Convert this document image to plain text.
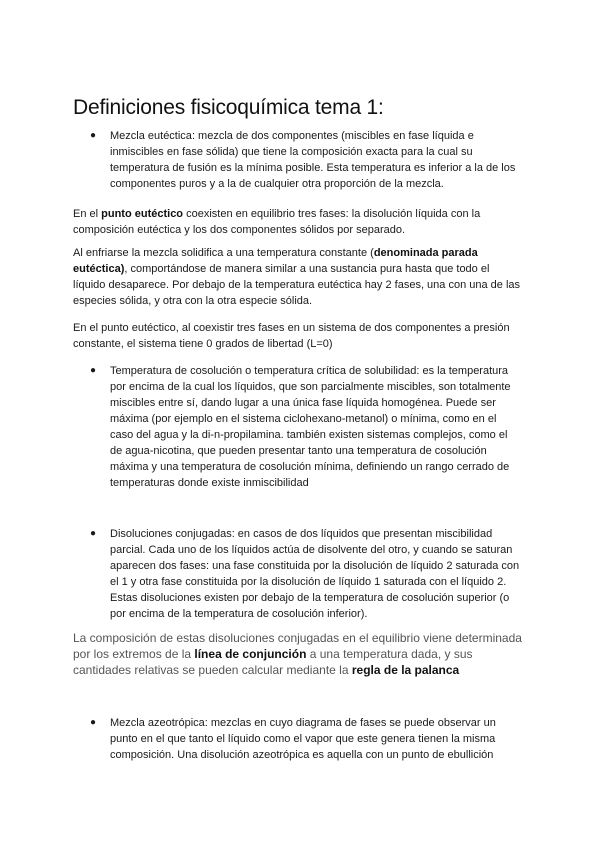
Definiciones fisicoquímica tema 1:
● Mezcla eutéctica: mezcla de dos componentes (miscibles en fase líquida e inmiscibles en fase sólida) que tiene la composición exacta para la cual su temperatura de fusión es la mínima posible. Esta temperatura es inferior a la de los componentes puros y a la de cualquier otra proporción de la mezcla.

En el punto eutéctico coexisten en equilibrio tres fases: la disolución líquida con la composición eutéctica y los dos componentes sólidos por separado.

Al enfriarse la mezcla solidifica a una temperatura constante (denominada parada eutéctica), comportándose de manera similar a una sustancia pura hasta que todo el líquido desaparece. Por debajo de la temperatura eutéctica hay 2 fases, una con una de las especies sólida, y otra con la otra especie sólida.

En el punto eutéctico, al coexistir tres fases en un sistema de dos componentes a presión constante, el sistema tiene 0 grados de libertad (L=0)

● Temperatura de cosolución o temperatura crítica de solubilidad: es la temperatura por encima de la cual los líquidos, que son parcialmente miscibles, son totalmente miscibles entre sí, dando lugar a una única fase líquida homogénea. Puede ser máxima (por ejemplo en el sistema ciclohexano-metanol) o mínima, como en el caso del agua y la di-n-propilamina. también existen sistemas complejos, como el de agua-nicotina, que pueden presentar tanto una temperatura de cosolución máxima y una temperatura de cosolución mínima, definiendo un rango cerrado de temperaturas donde existe inmiscibilidad
● Disoluciones conjugadas: en casos de dos líquidos que presentan miscibilidad parcial. Cada uno de los líquidos actúa de disolvente del otro, y cuando se saturan aparecen dos fases: una fase constituida por la disolución de líquido 2 saturada con el 1 y otra fase constituida por la disolución de líquido 1 saturada con el líquido 2. Estas disoluciones existen por debajo de la temperatura de cosolución superior (o por encima de la temperatura de cosolución inferior).

La composición de estas disoluciones conjugadas en el equilibrio viene determinada por los extremos de la línea de conjunción a una temperatura dada, y sus cantidades relativas se pueden calcular mediante la regla de la palanca

● Mezcla azeotrópica: mezclas en cuyo diagrama de fases se puede observar un punto en el que tanto el líquido como el vapor que este genera tienen la misma composición. Una disolución azeotrópica es aquella con un punto de ebullición
